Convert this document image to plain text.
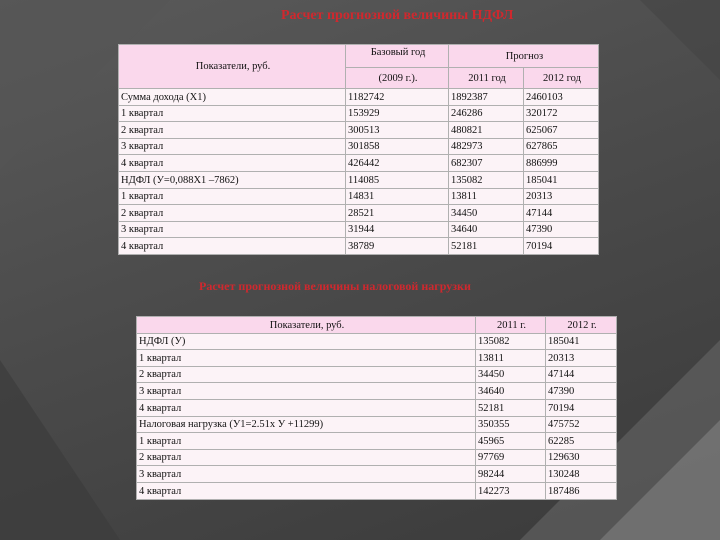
Расчет прогнозной величины НДФЛ
Показатели, руб.	Базовый год	Прогноз	
	(2009 г.).	2011 год	2012 год
Сумма дохода (Х1)	1182742	1892387	2460103
1 квартал	153929	246286	320172
2 квартал	300513	480821	625067
3 квартал	301858	482973	627865
4 квартал	426442	682307	886999
НДФЛ (У=0,088Х1 –7862)	114085	135082	185041
1 квартал	14831	13811	20313
2 квартал	28521	34450	47144
3 квартал	31944	34640	47390
4 квартал	38789	52181	70194
Расчет прогнозной величины налоговой нагрузки
Показатели, руб.	2011 г.	2012 г.
НДФЛ (У)	135082	185041
1 квартал	13811	20313
2 квартал	34450	47144
3 квартал	34640	47390
4 квартал	52181	70194
Налоговая нагрузка (У1=2.51х У +11299)	350355	475752
1 квартал	45965	62285
2 квартал	97769	129630
3 квартал	98244	130248
4 квартал	142273	187486
